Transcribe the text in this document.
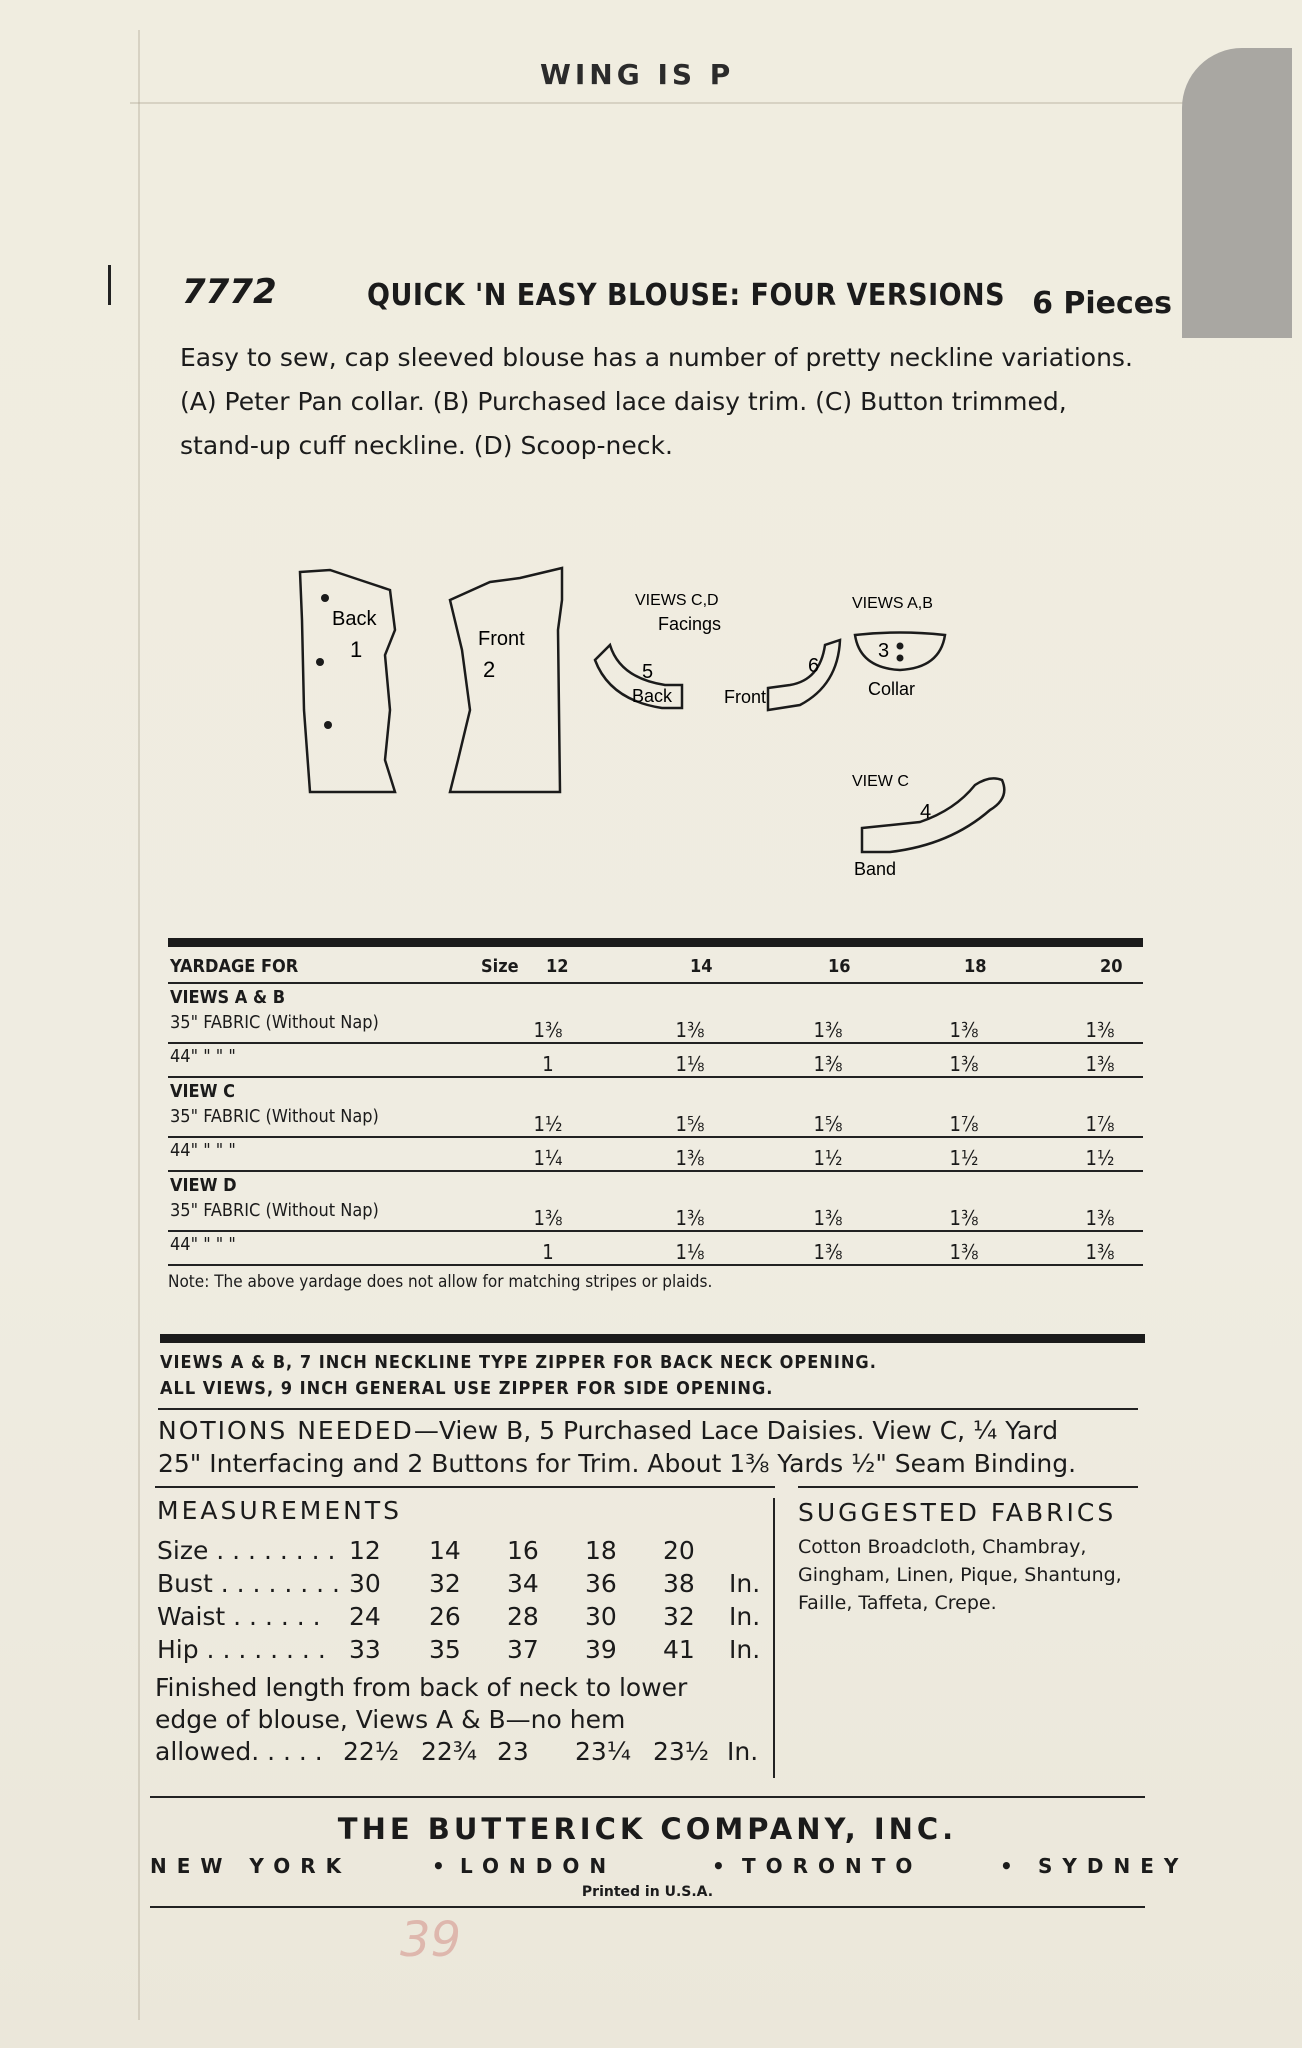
WING IS P
7772	QUICK 'N EASY BLOUSE: FOUR VERSIONS 6 Pieces
Easy to sew, cap sleeved blouse has a number of pretty neckline variations.
(A) Peter Pan collar. (B) Purchased lace daisy trim. (C) Button trimmed,
stand-up cuff neckline. (D) Scoop-neck.
Back
1	Front
2
VIEWS C,D
Facings
5
Back
6
Front
VIEWS A,B
3
Collar
VIEW C
4
Band
YARDAGE FOR	Size 12	14	16	18	20
VIEWS A & B
35" FABRIC (Without Nap)	1⅜	1⅜	1⅜	1⅜	1⅜
44" " " "	1	1⅛	1⅜	1⅜	1⅜
VIEW C
35" FABRIC (Without Nap)	1½	1⅝	1⅝	1⅞	1⅞
44" " " "	1¼	1⅜	1½	1½	1½
VIEW D
35" FABRIC (Without Nap)	1⅜	1⅜	1⅜	1⅜	1⅜
44" " " "	1	1⅛	1⅜	1⅜	1⅜
Note: The above yardage does not allow for matching stripes or plaids.
VIEWS A & B, 7 INCH NECKLINE TYPE ZIPPER FOR BACK NECK OPENING.
ALL VIEWS, 9 INCH GENERAL USE ZIPPER FOR SIDE OPENING.
NOTIONS NEEDED—View B, 5 Purchased Lace Daisies. View C, ¼ Yard
25" Interfacing and 2 Buttons for Trim. About 1⅜ Yards ½" Seam Binding.
MEASUREMENTS
Size . . . . . . . . 12 14 16 18 20
Bust . . . . . . . . 30 32 34 36 38 In.
Waist . . . . . . 24 26 28 30 32 In.
Hip . . . . . . . . 33 35 37 39 41 In.
Finished length from back of neck to lower
edge of blouse, Views A & B—no hem
allowed. . . . . 22½ 22¾ 23 23¼ 23½ In.
SUGGESTED FABRICS
Cotton Broadcloth, Chambray,
Gingham, Linen, Pique, Shantung,
Faille, Taffeta, Crepe.
THE BUTTERICK COMPANY, INC.
NEW YORK	• LONDON	• TORONTO	• SYDNEY
Printed in U.S.A.
39
